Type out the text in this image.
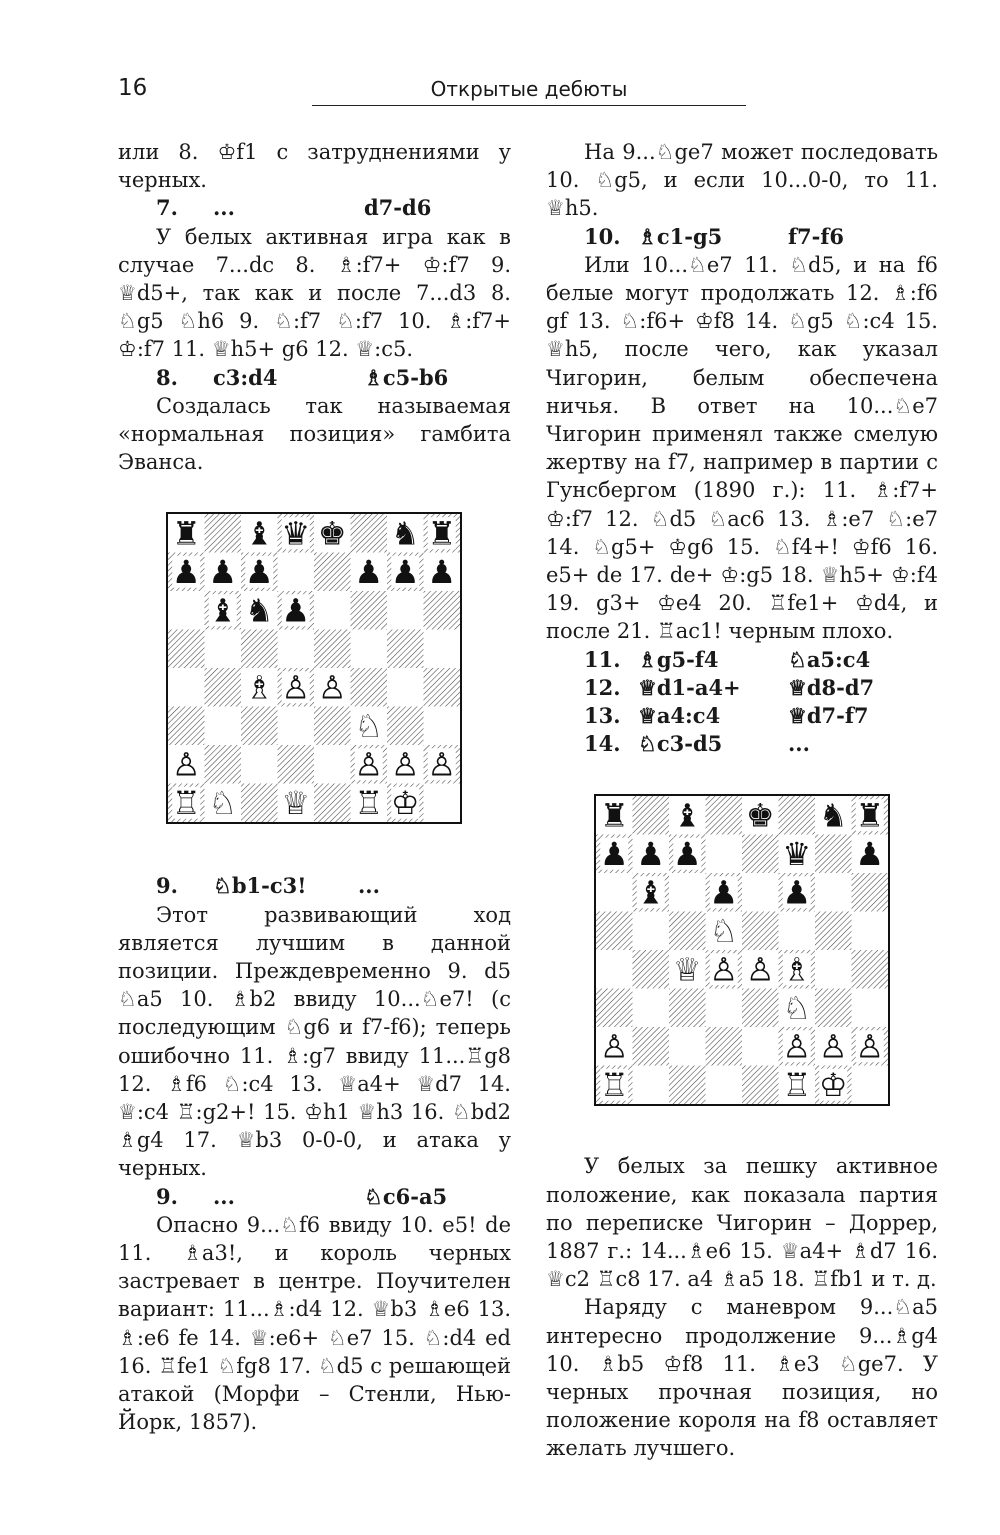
16	Открытые дебюты

или 8. ♔f1 с затруднениями у черных.

7. ...	d7-d6

У белых активная игра как в случае 7...dc 8. ♗:f7+ ♔:f7 9. ♕d5+, так как и после 7...d3 8. ♘g5 ♘h6 9. ♘:f7 ♘:f7 10. ♗:f7+ ♔:f7 11. ♕h5+ g6 12. ♕:c5.

8. c3:d4	♗c5-b6

Создалась так называемая «нормальная позиция» гамбита Эванса.

♜ ♝ ♛ ♚ ♞ ♜
♟ ♟ ♟	♟ ♟ ♟
♝ ♞ ♟
♗ ♙ ♙
♘
♙	♙ ♙ ♙
♖ ♘ ♕ ♖ ♔
9. ♘b1-c3! ...

Этот развивающий ход является лучшим в данной позиции. Преждевременно 9. d5 ♘a5 10. ♗b2 ввиду 10...♘e7! (с последующим ♘g6 и f7-f6); теперь ошибочно 11. ♗:g7 ввиду 11...♖g8 12. ♗f6 ♘:c4 13. ♕a4+ ♕d7 14. ♕:c4 ♖:g2+! 15. ♔h1 ♕h3 16. ♘bd2 ♗g4 17. ♕b3 0-0-0, и атака у черных.

9. ...	♘c6-a5

Опасно 9...♘f6 ввиду 10. e5! de 11. ♗a3!, и король черных застревает в центре. Поучителен вариант: 11...♗:d4 12. ♕b3 ♗e6 13. ♗:e6 fe 14. ♕:e6+ ♘e7 15. ♘:d4 ed 16. ♖fe1 ♘fg8 17. ♘d5 с решающей атакой (Морфи – Стенли, Нью-Йорк, 1857).

На 9...♘ge7 может последовать 10. ♘g5, и если 10...0-0, то 11. ♕h5.

10. ♗c1-g5	f7-f6

Или 10...♘e7 11. ♘d5, и на f6 белые могут продолжать 12. ♗:f6 gf 13. ♘:f6+ ♔f8 14. ♘g5 ♘:c4 15. ♕h5, после чего, как указал Чигорин, белым обеспечена ничья. В ответ на 10...♘e7 Чигорин применял также смелую жертву на f7, например в партии с Гунсбергом (1890 г.): 11. ♗:f7+ ♔:f7 12. ♘d5 ♘ac6 13. ♗:e7 ♘:e7 14. ♘g5+ ♔g6 15. ♘f4+! ♔f6 16. e5+ de 17. de+ ♔:g5 18. ♕h5+ ♔:f4 19. g3+ ♔e4 20. ♖fe1+ ♔d4, и после 21. ♖ac1! черным плохо.

11. ♗g5-f4	♘a5:c4
12. ♕d1-a4+ ♕d8-d7
13. ♕a4:c4	♕d7-f7
14. ♘c3-d5	...
♜ ♝ ♚ ♞ ♜
♟ ♟ ♟	♛ ♟
♝ ♟ ♟
♘
♕ ♙ ♙ ♗
♘
♙	♙ ♙ ♙
♖	♖ ♔

У белых за пешку активное положение, как показала партия по переписке Чигорин – Доррер, 1887 г.: 14...♗e6 15. ♕a4+ ♗d7 16. ♕c2 ♖c8 17. a4 ♗a5 18. ♖fb1 и т. д.

Наряду с маневром 9...♘a5 интересно продолжение 9...♗g4 10. ♗b5 ♔f8 11. ♗e3 ♘ge7. У черных прочная позиция, но положение короля на f8 оставляет желать лучшего.
